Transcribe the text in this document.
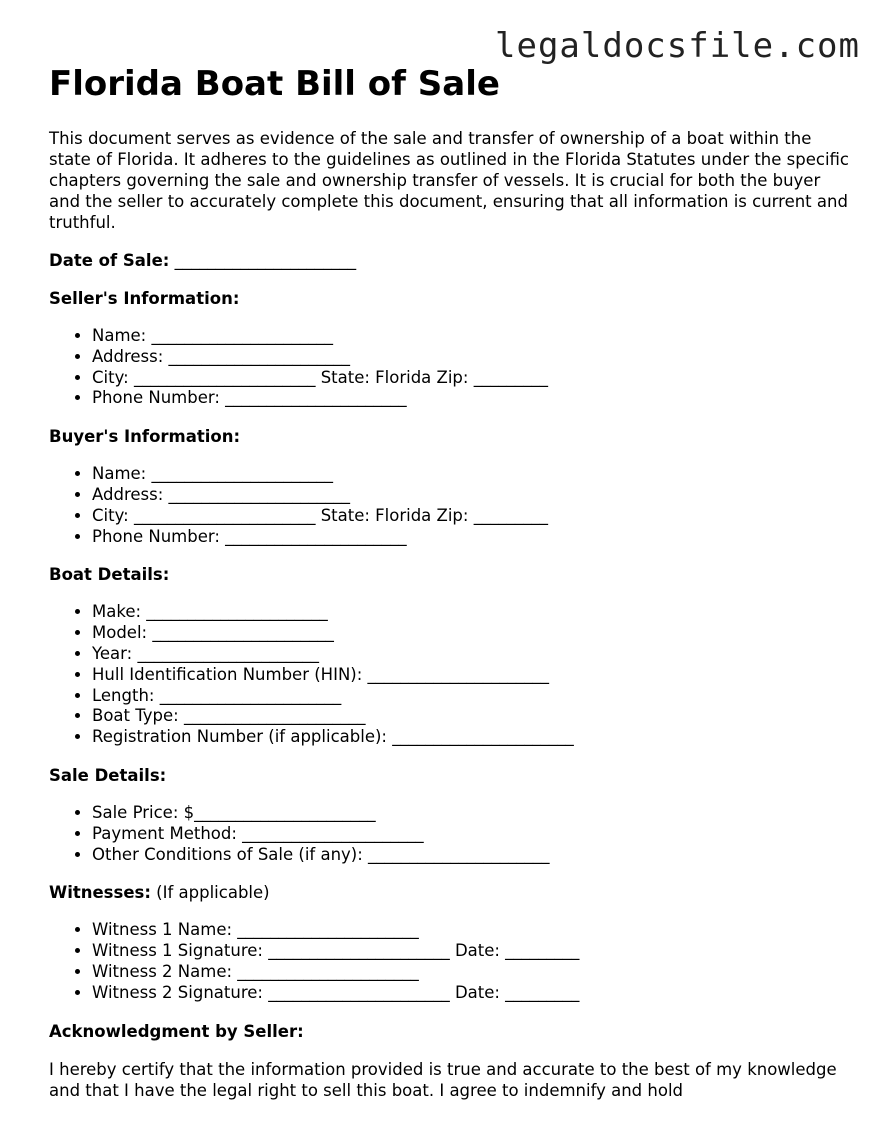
legaldocsfile.com
Florida Boat Bill of Sale

This document serves as evidence of the sale and transfer of ownership of a boat within the state of Florida. It adheres to the guidelines as outlined in the Florida Statutes under the specific chapters governing the sale and ownership transfer of vessels. It is crucial for both the buyer and the seller to accurately complete this document, ensuring that all information is current and truthful.

Date of Sale: ______________________
Seller's Information:
• Name: ______________________
• Address: ______________________
• City: ______________________ State: Florida Zip: _________
• Phone Number: ______________________
Buyer's Information:
• Name: ______________________
• Address: ______________________
• City: ______________________ State: Florida Zip: _________
• Phone Number: ______________________
Boat Details:
• Make: ______________________
• Model: ______________________
• Year: ______________________
• Hull Identification Number (HIN): ______________________
• Length: ______________________
• Boat Type: ______________________
• Registration Number (if applicable): ______________________
Sale Details:
• Sale Price: $______________________
• Payment Method: ______________________
• Other Conditions of Sale (if any): ______________________
Witnesses: (If applicable)
• Witness 1 Name: ______________________
• Witness 1 Signature: ______________________ Date: _________
• Witness 2 Name: ______________________
• Witness 2 Signature: ______________________ Date: _________
Acknowledgment by Seller:

I hereby certify that the information provided is true and accurate to the best of my knowledge and that I have the legal right to sell this boat. I agree to indemnify and hold
